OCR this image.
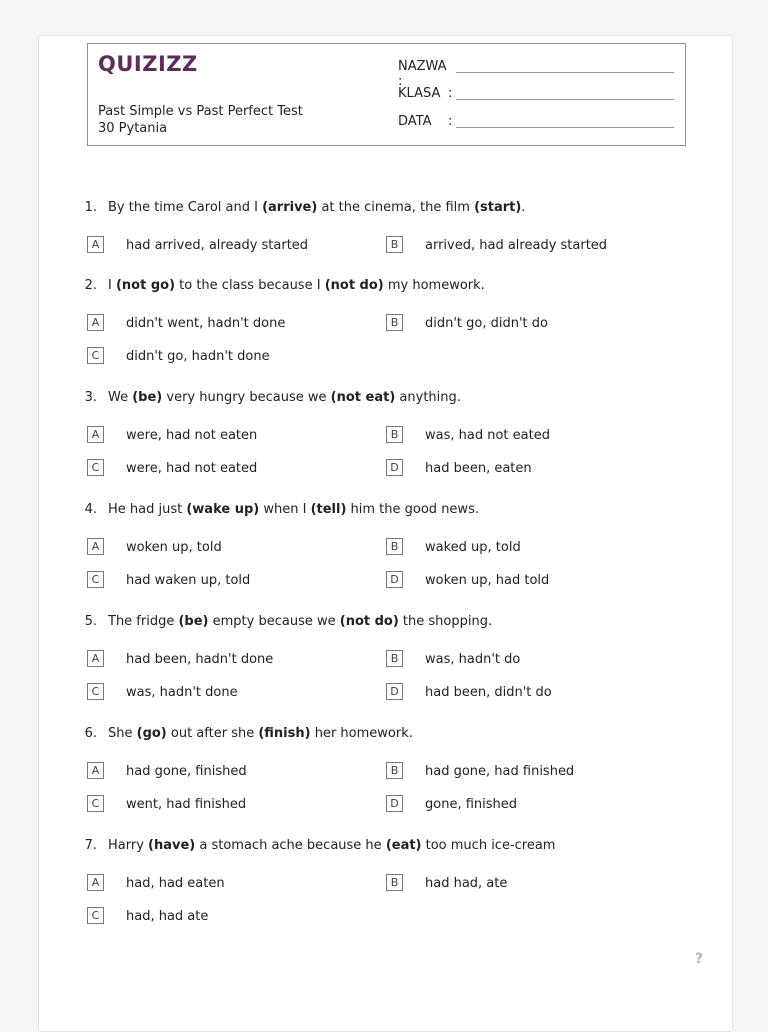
QUIZIZZ
Past Simple vs Past Perfect Test
30 Pytania
NAZWA :
KLASA :
DATA :
1. By the time Carol and I (arrive) at the cinema, the film (start).
A	had arrived, already started	B	arrived, had already started
2. I (not go) to the class because I (not do) my homework.
A	didn't went, hadn't done	B	didn't go, didn't do
C	didn't go, hadn't done
3. We (be) very hungry because we (not eat) anything.
A	were, had not eaten	B	was, had not eated
C	were, had not eated	D	had been, eaten
4. He had just (wake up) when I (tell) him the good news.
A	woken up, told	B	waked up, told
C	had waken up, told	D	woken up, had told
5. The fridge (be) empty because we (not do) the shopping.
A	had been, hadn't done	B	was, hadn't do
C	was, hadn't done	D	had been, didn't do
6. She (go) out after she (finish) her homework.
A	had gone, finished	B	had gone, had finished
C	went, had finished	D	gone, finished
7. Harry (have) a stomach ache because he (eat) too much ice-cream
A	had, had eaten	B	had had, ate
C	had, had ate
?
